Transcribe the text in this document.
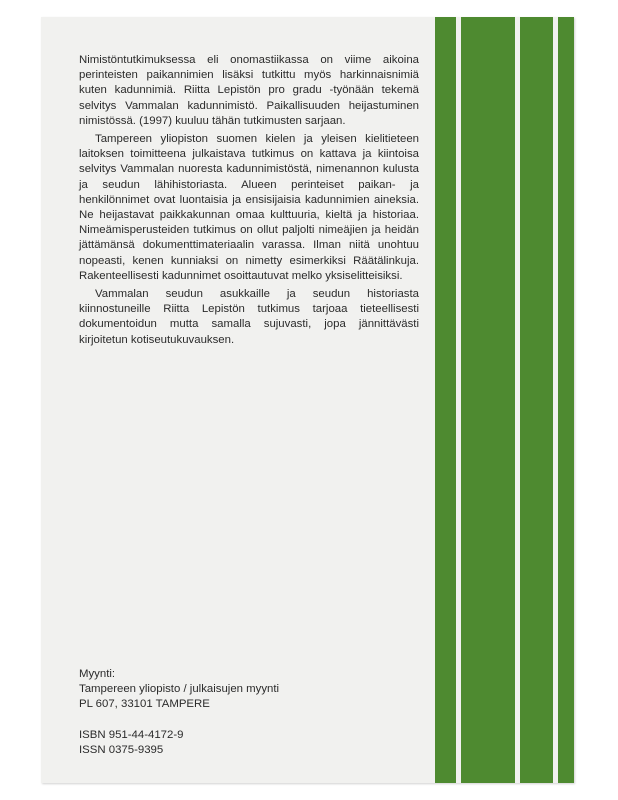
Nimistöntutkimuksessa eli onomastiikassa on viime aikoina perinteisten paikannimien lisäksi tutkittu myös harkinnaisnimiä kuten kadunnimiä. Riitta Lepistön pro gradu -työnään tekemä selvitys Vammalan kadunnimistö. Paikallisuuden heijastuminen nimistössä. (1997) kuuluu tähän tutkimusten sarjaan.

Tampereen yliopiston suomen kielen ja yleisen kielitieteen laitoksen toimitteena julkaistava tutkimus on kattava ja kiintoisa selvitys Vammalan nuoresta kadunnimistöstä, nimenannon kulusta ja seudun lähihistoriasta. Alueen perinteiset paikan- ja henkilönnimet ovat luontaisia ja ensisijaisia kadunnimien aineksia. Ne heijastavat paikkakunnan omaa kulttuuria, kieltä ja historiaa. Nimeämisperusteiden tutkimus on ollut paljolti nimeäjien ja heidän jättämänsä dokumenttimateriaalin varassa. Ilman niitä unohtuu nopeasti, kenen kunniaksi on nimetty esimerkiksi Räätälinkuja. Rakenteellisesti kadunnimet osoittautuvat melko yksiselitteisiksi.

Vammalan seudun asukkaille ja seudun historiasta kiinnostuneille Riitta Lepistön tutkimus tarjoaa tieteellisesti dokumentoidun mutta samalla sujuvasti, jopa jännittävästi kirjoitetun kotiseutukuvauksen.

Myynti:
Tampereen yliopisto / julkaisujen myynti
PL 607, 33101 TAMPERE
ISBN 951-44-4172-9
ISSN 0375-9395
